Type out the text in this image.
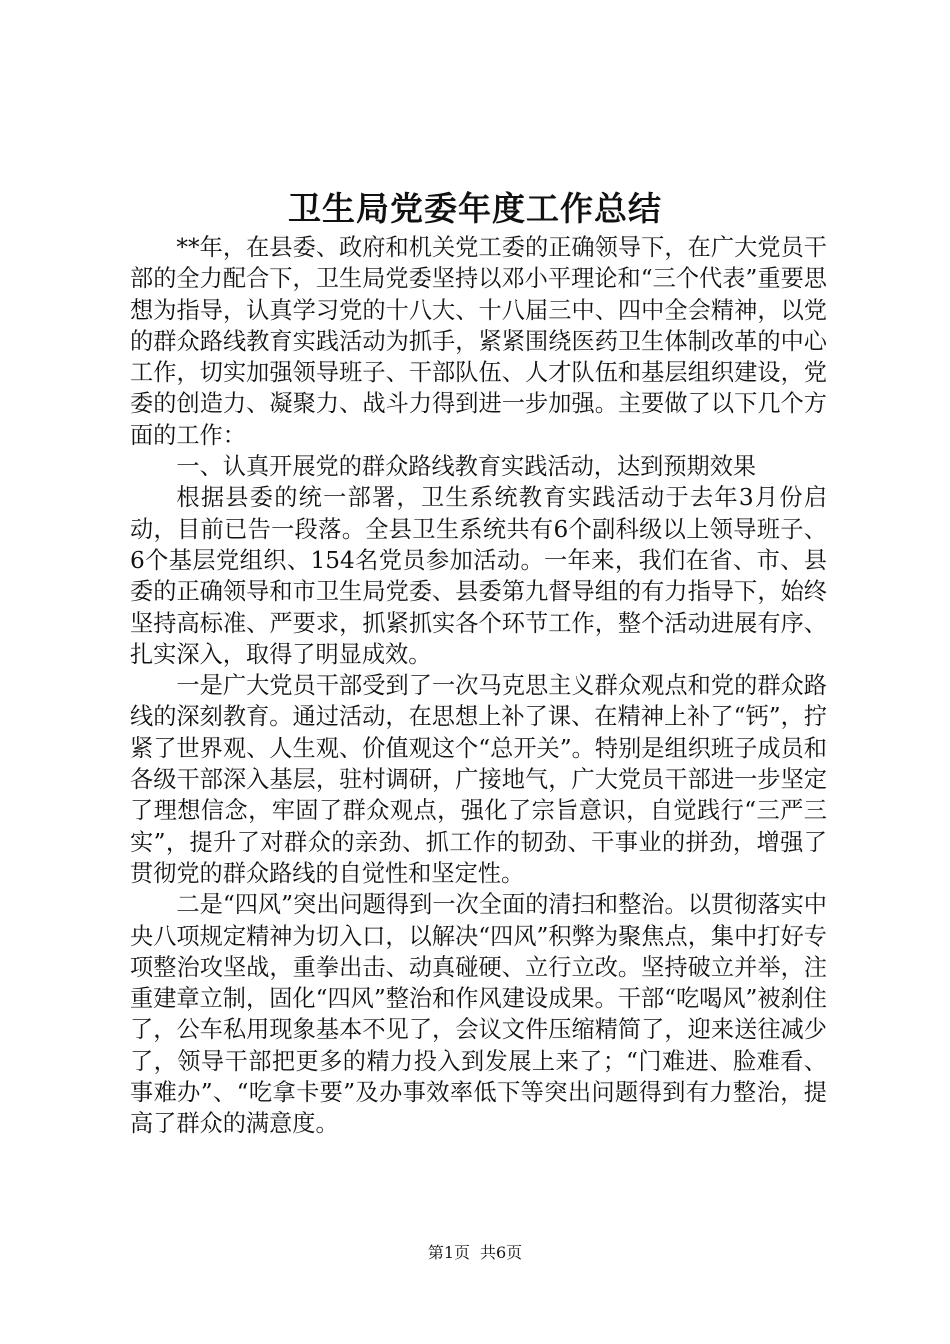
卫生局党委年度工作总结

**年，在县委、政府和机关党工委的正确领导下，在广大党员干部的全力配合下，卫生局党委坚持以邓小平理论和“三个代表”重要思想为指导，认真学习党的十八大、十八届三中、四中全会精神，以党的群众路线教育实践活动为抓手，紧紧围绕医药卫生体制改革的中心工作，切实加强领导班子、干部队伍、人才队伍和基层组织建设，党委的创造力、凝聚力、战斗力得到进一步加强。主要做了以下几个方面的工作：

一、认真开展党的群众路线教育实践活动，达到预期效果

根据县委的统一部署，卫生系统教育实践活动于去年3月份启动，目前已告一段落。全县卫生系统共有6个副科级以上领导班子、6个基层党组织、154名党员参加活动。一年来，我们在省、市、县委的正确领导和市卫生局党委、县委第九督导组的有力指导下，始终坚持高标准、严要求，抓紧抓实各个环节工作，整个活动进展有序、扎实深入，取得了明显成效。

一是广大党员干部受到了一次马克思主义群众观点和党的群众路线的深刻教育。通过活动，在思想上补了课、在精神上补了“钙”，拧紧了世界观、人生观、价值观这个“总开关”。特别是组织班子成员和各级干部深入基层，驻村调研，广接地气，广大党员干部进一步坚定了理想信念，牢固了群众观点，强化了宗旨意识，自觉践行“三严三实”，提升了对群众的亲劲、抓工作的韧劲、干事业的拼劲，增强了贯彻党的群众路线的自觉性和坚定性。

二是“四风”突出问题得到一次全面的清扫和整治。以贯彻落实中央八项规定精神为切入口，以解决“四风”积弊为聚焦点，集中打好专项整治攻坚战，重拳出击、动真碰硬、立行立改。坚持破立并举，注重建章立制，固化“四风”整治和作风建设成果。干部“吃喝风”被刹住了，公车私用现象基本不见了，会议文件压缩精简了，迎来送往减少了，领导干部把更多的精力投入到发展上来了；“门难进、脸难看、事难办”、“吃拿卡要”及办事效率低下等突出问题得到有力整治，提高了群众的满意度。

第1页 共6页
